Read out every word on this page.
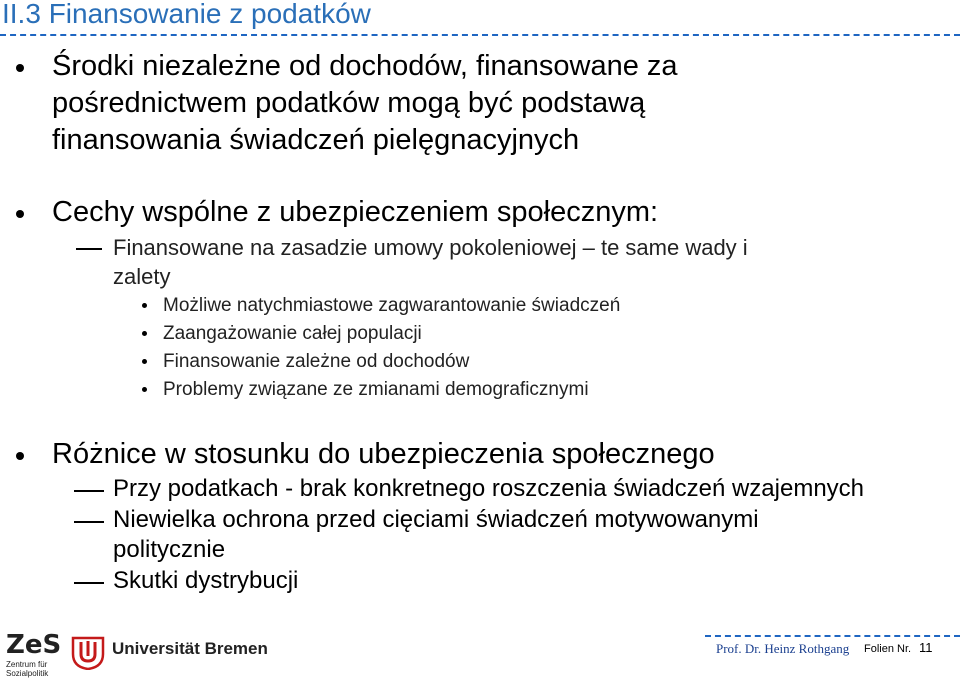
II.3 Finansowanie z podatków
Środki niezależne od dochodów, finansowane za
pośrednictwem podatków mogą być podstawą
finansowania świadczeń pielęgnacyjnych
Cechy wspólne z ubezpieczeniem społecznym:
Finansowane na zasadzie umowy pokoleniowej – te same wady i
zalety
Możliwe natychmiastowe zagwarantowanie świadczeń
Zaangażowanie całej populacji
Finansowanie zależne od dochodów
Problemy związane ze zmianami demograficznymi
Różnice w stosunku do ubezpieczenia społecznego
Przy podatkach - brak konkretnego roszczenia świadczeń wzajemnych
Niewielka ochrona przed cięciami świadczeń motywowanymi
politycznie
Skutki dystrybucji
ZeS
Zentrum für
Sozialpolitik
Universität Bremen	Prof. Dr. Heinz Rothgang Folien Nr. 11
